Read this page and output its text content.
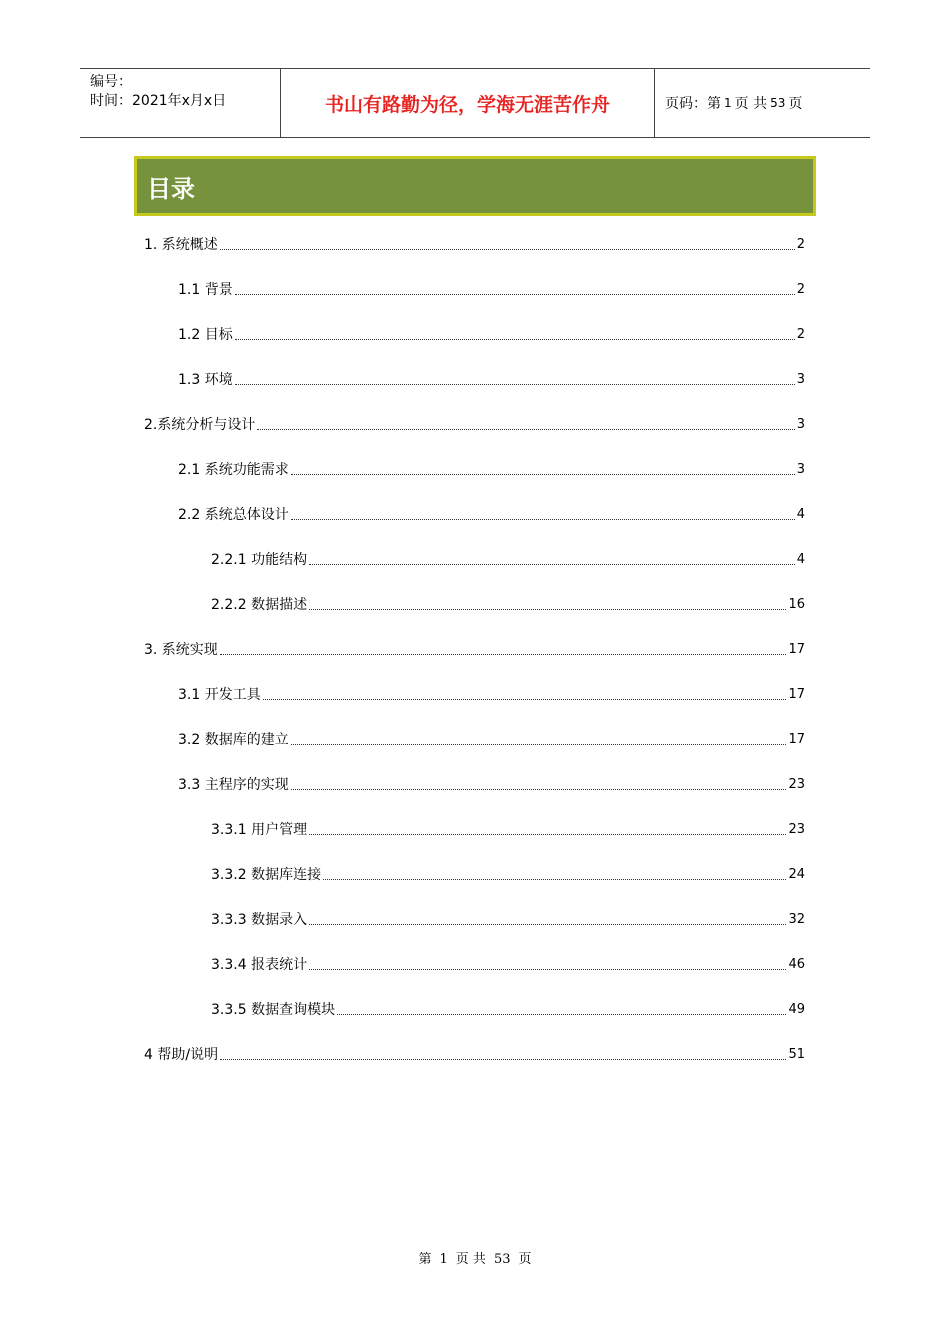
编号：
时间：2021年x月x日	书山有路勤为径，学海无涯苦作舟	页码：第 1 页 共 53 页
目录
1. 系统概述	2
1.1 背景	2
1.2 目标	2
1.3 环境	3
2.系统分析与设计	3
2.1 系统功能需求	3
2.2 系统总体设计	4
2.2.1 功能结构	4
2.2.2 数据描述	16
3. 系统实现	17
3.1 开发工具	17
3.2 数据库的建立	17
3.3 主程序的实现	23
3.3.1 用户管理	23
3.3.2 数据库连接	24
3.3.3 数据录入	32
3.3.4 报表统计	46
3.3.5 数据查询模块	49
4 帮助/说明	51
第 1 页 共 53 页
